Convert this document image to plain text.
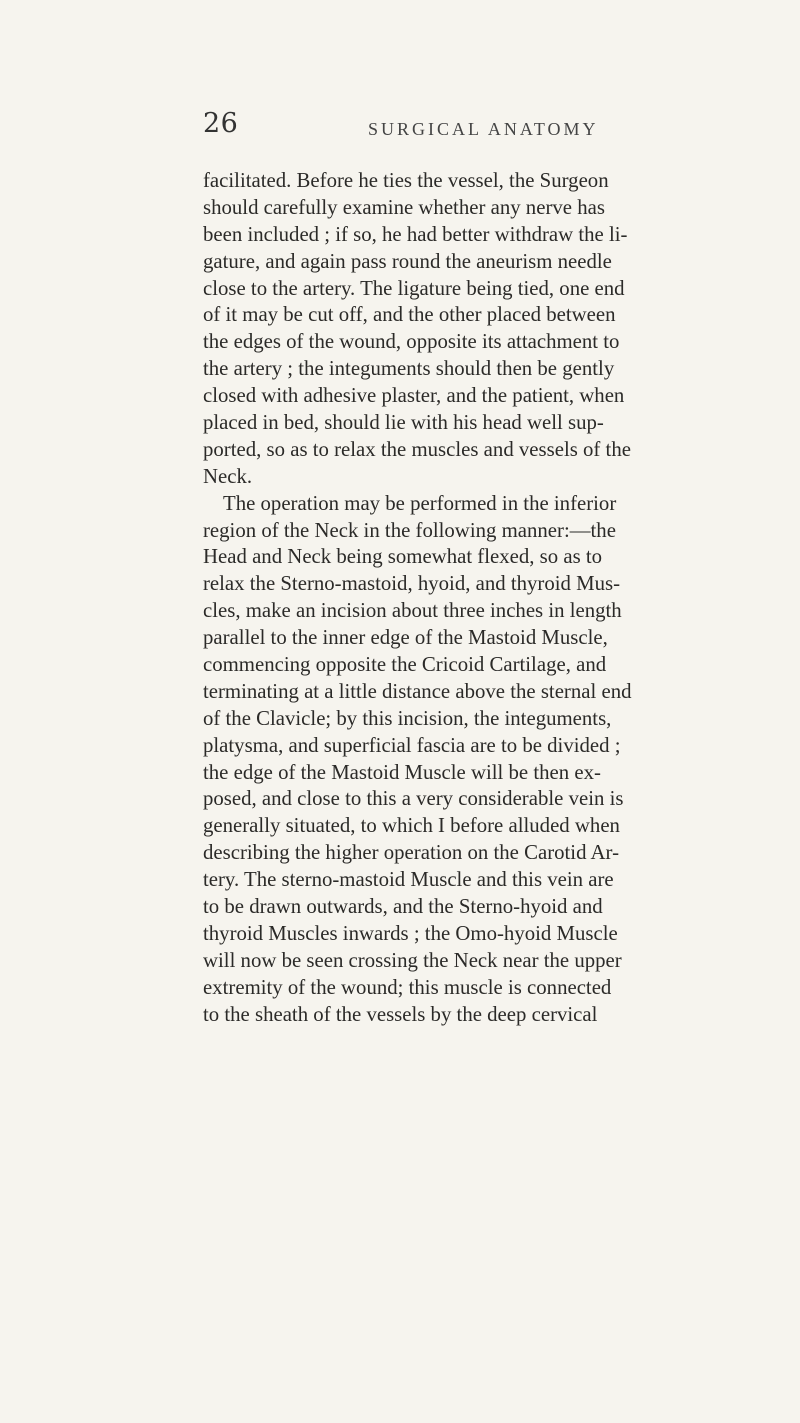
26	SURGICAL ANATOMY
facilitated. Before he ties the vessel, the Surgeon
should carefully examine whether any nerve has
been included ; if so, he had better withdraw the li-
gature, and again pass round the aneurism needle
close to the artery. The ligature being tied, one end
of it may be cut off, and the other placed between
the edges of the wound, opposite its attachment to
the artery ; the integuments should then be gently
closed with adhesive plaster, and the patient, when
placed in bed, should lie with his head well sup-
ported, so as to relax the muscles and vessels of the
Neck.
The operation may be performed in the inferior
region of the Neck in the following manner:—the
Head and Neck being somewhat flexed, so as to
relax the Sterno-mastoid, hyoid, and thyroid Mus-
cles, make an incision about three inches in length
parallel to the inner edge of the Mastoid Muscle,
commencing opposite the Cricoid Cartilage, and
terminating at a little distance above the sternal end
of the Clavicle; by this incision, the integuments,
platysma, and superficial fascia are to be divided ;
the edge of the Mastoid Muscle will be then ex-
posed, and close to this a very considerable vein is
generally situated, to which I before alluded when
describing the higher operation on the Carotid Ar-
tery. The sterno-mastoid Muscle and this vein are
to be drawn outwards, and the Sterno-hyoid and
thyroid Muscles inwards ; the Omo-hyoid Muscle
will now be seen crossing the Neck near the upper
extremity of the wound; this muscle is connected
to the sheath of the vessels by the deep cervical
